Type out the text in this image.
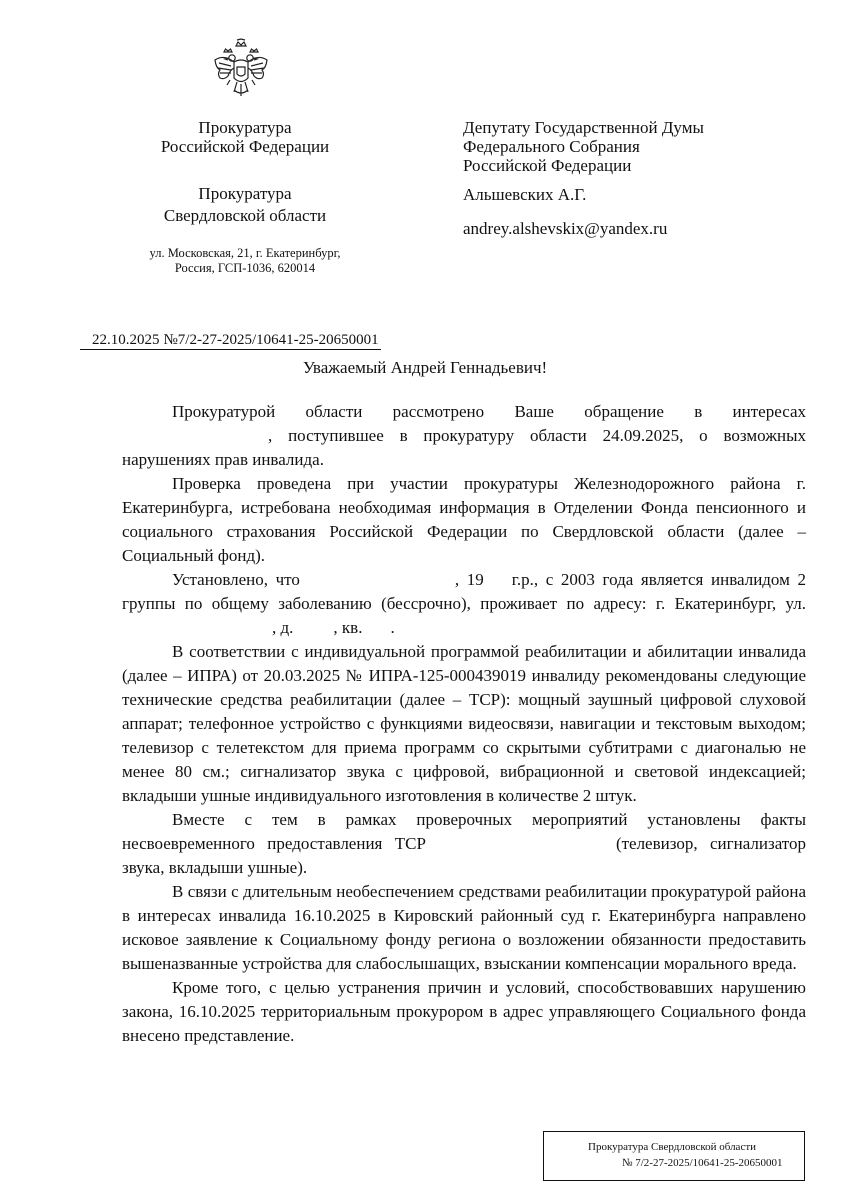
Прокуратура
Российской Федерации
Прокуратура
Свердловской области
ул. Московская, 21, г. Екатеринбург,
Россия, ГСП-1036, 620014
Депутату Государственной Думы
Федерального Собрания
Российской Федерации
Альшевских А.Г.
andrey.alshevskix@yandex.ru
22.10.2025 №7/2-27-2025/10641-25-20650001
Уважаемый Андрей Геннадьевич!

Прокуратурой области рассмотрено Ваше обращение в интересах

, поступившее в прокуратуру области 24.09.2025, о возможных нарушениях прав инвалида.

Проверка проведена при участии прокуратуры Железнодорожного района г. Екатеринбурга, истребована необходимая информация в Отделении Фонда пенсионного и социального страхования Российской Федерации по Свердловской области (далее – Социальный фонд).

Установлено, что	, 19 г.р., с 2003 года является инвалидом 2 группы по общему заболеванию (бессрочно), проживает по адресу: г. Екатеринбург, ул., д. , кв. .

В соответствии с индивидуальной программой реабилитации и абилитации инвалида (далее – ИПРА) от 20.03.2025 № ИПРА-125-000439019 инвалиду рекомендованы следующие технические средства реабилитации (далее – ТСР): мощный заушный цифровой слуховой аппарат; телефонное устройство с функциями видеосвязи, навигации и текстовым выходом; телевизор с телетекстом для приема программ со скрытыми субтитрами с диагональю не менее 80 см.; сигнализатор звука с цифровой, вибрационной и световой индексацией; вкладыши ушные индивидуального изготовления в количестве 2 штук.

Вместе с тем в рамках проверочных мероприятий установлены факты несвоевременного предоставления ТСР	(телевизор, сигнализатор звука, вкладыши ушные).

В связи с длительным необеспечением средствами реабилитации прокуратурой района в интересах инвалида 16.10.2025 в Кировский районный суд г. Екатеринбурга направлено исковое заявление к Социальному фонду региона о возложении обязанности предоставить вышеназванные устройства для слабослышащих, взыскании компенсации морального вреда.

Кроме того, с целью устранения причин и условий, способствовавших нарушению закона, 16.10.2025 территориальным прокурором в адрес управляющего Социального фонда внесено представление.

Прокуратура Свердловской области
№ 7/2-27-2025/10641-25-20650001
